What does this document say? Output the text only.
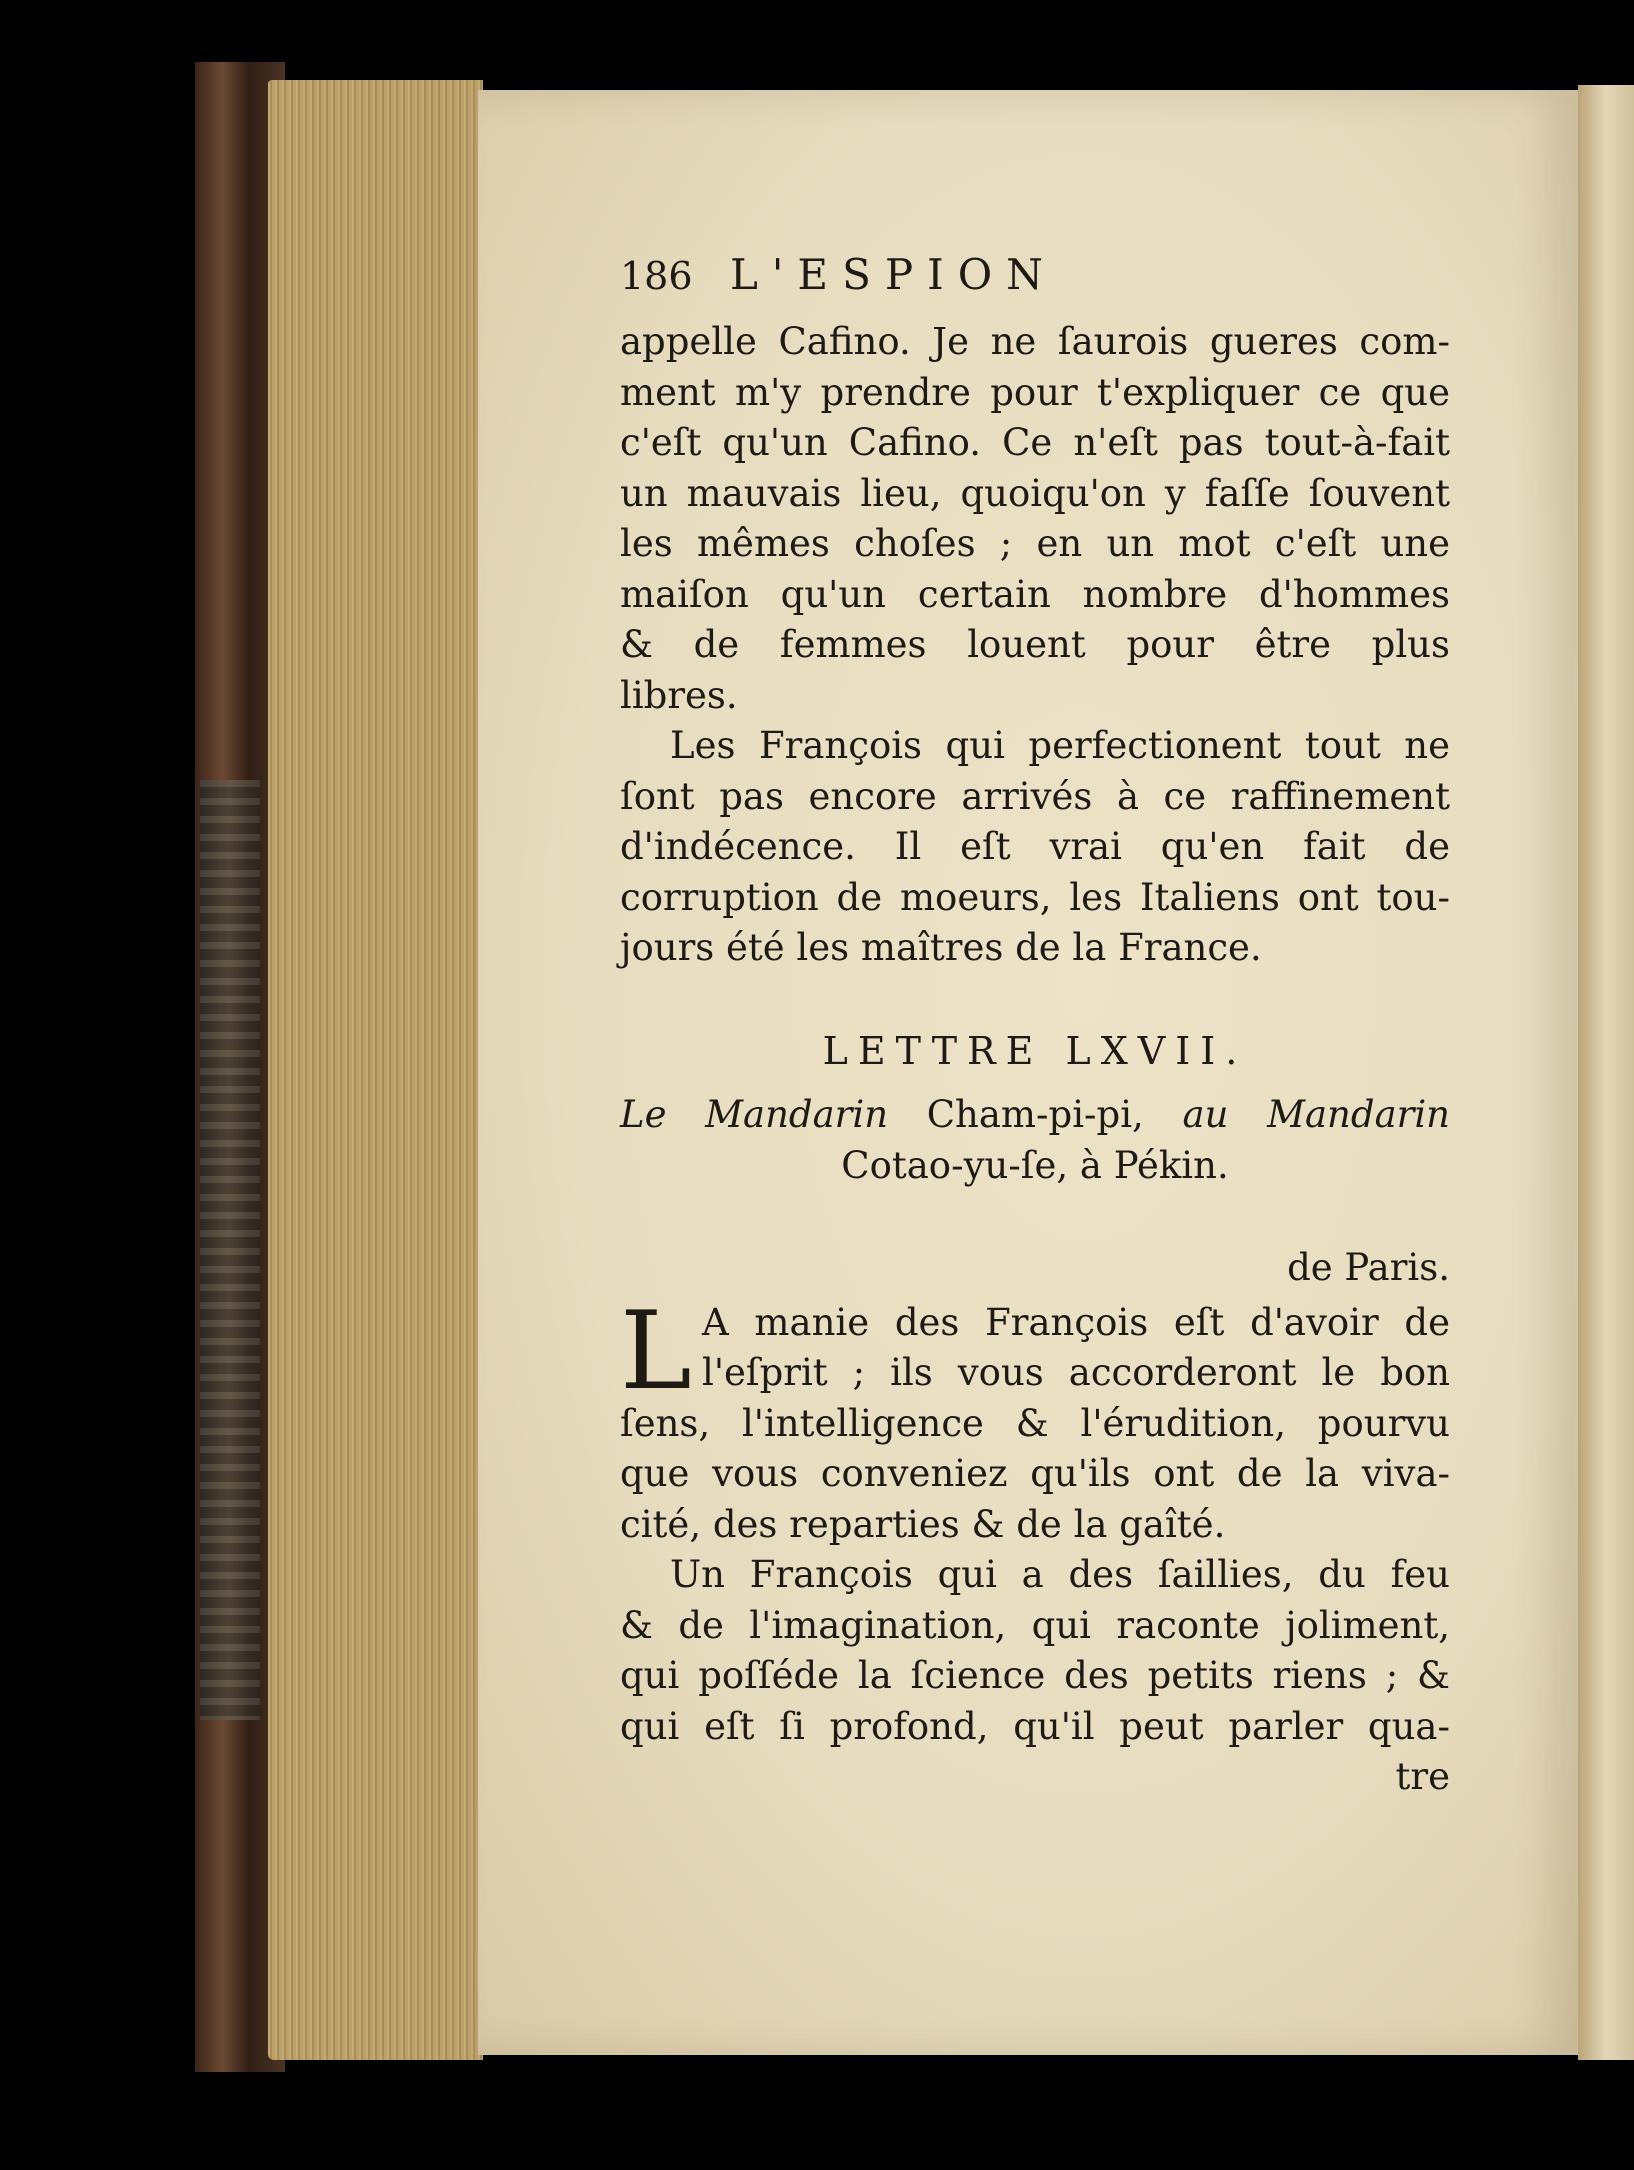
186 L'ESPION
appelle Cafino. Je ne ſaurois gueres com-
ment m'y prendre pour t'expliquer ce que
c'eſt qu'un Cafino. Ce n'eſt pas tout-à-fait
un mauvais lieu, quoiqu'on y faſſe ſouvent
les mêmes choſes ; en un mot c'eſt une
maiſon qu'un certain nombre d'hommes
& de femmes louent pour être plus
libres.
Les François qui perfectionent tout ne
ſont pas encore arrivés à ce raffinement
d'indécence. Il eſt vrai qu'en fait de
corruption de moeurs, les Italiens ont tou-
jours été les maîtres de la France.
LETTRE LXVII.
Le Mandarin Cham-pi-pi, au Mandarin
Cotao-yu-ſe, à Pékin.
de Paris.
L A manie des François eſt d'avoir de
l'eſprit ; ils vous accorderont le bon
ſens, l'intelligence & l'érudition, pourvu
que vous conveniez qu'ils ont de la viva-
cité, des reparties & de la gaîté.
Un François qui a des ſaillies, du feu
& de l'imagination, qui raconte joliment,
qui poſſéde la ſcience des petits riens ; &
qui eſt ſi profond, qu'il peut parler qua-
tre
